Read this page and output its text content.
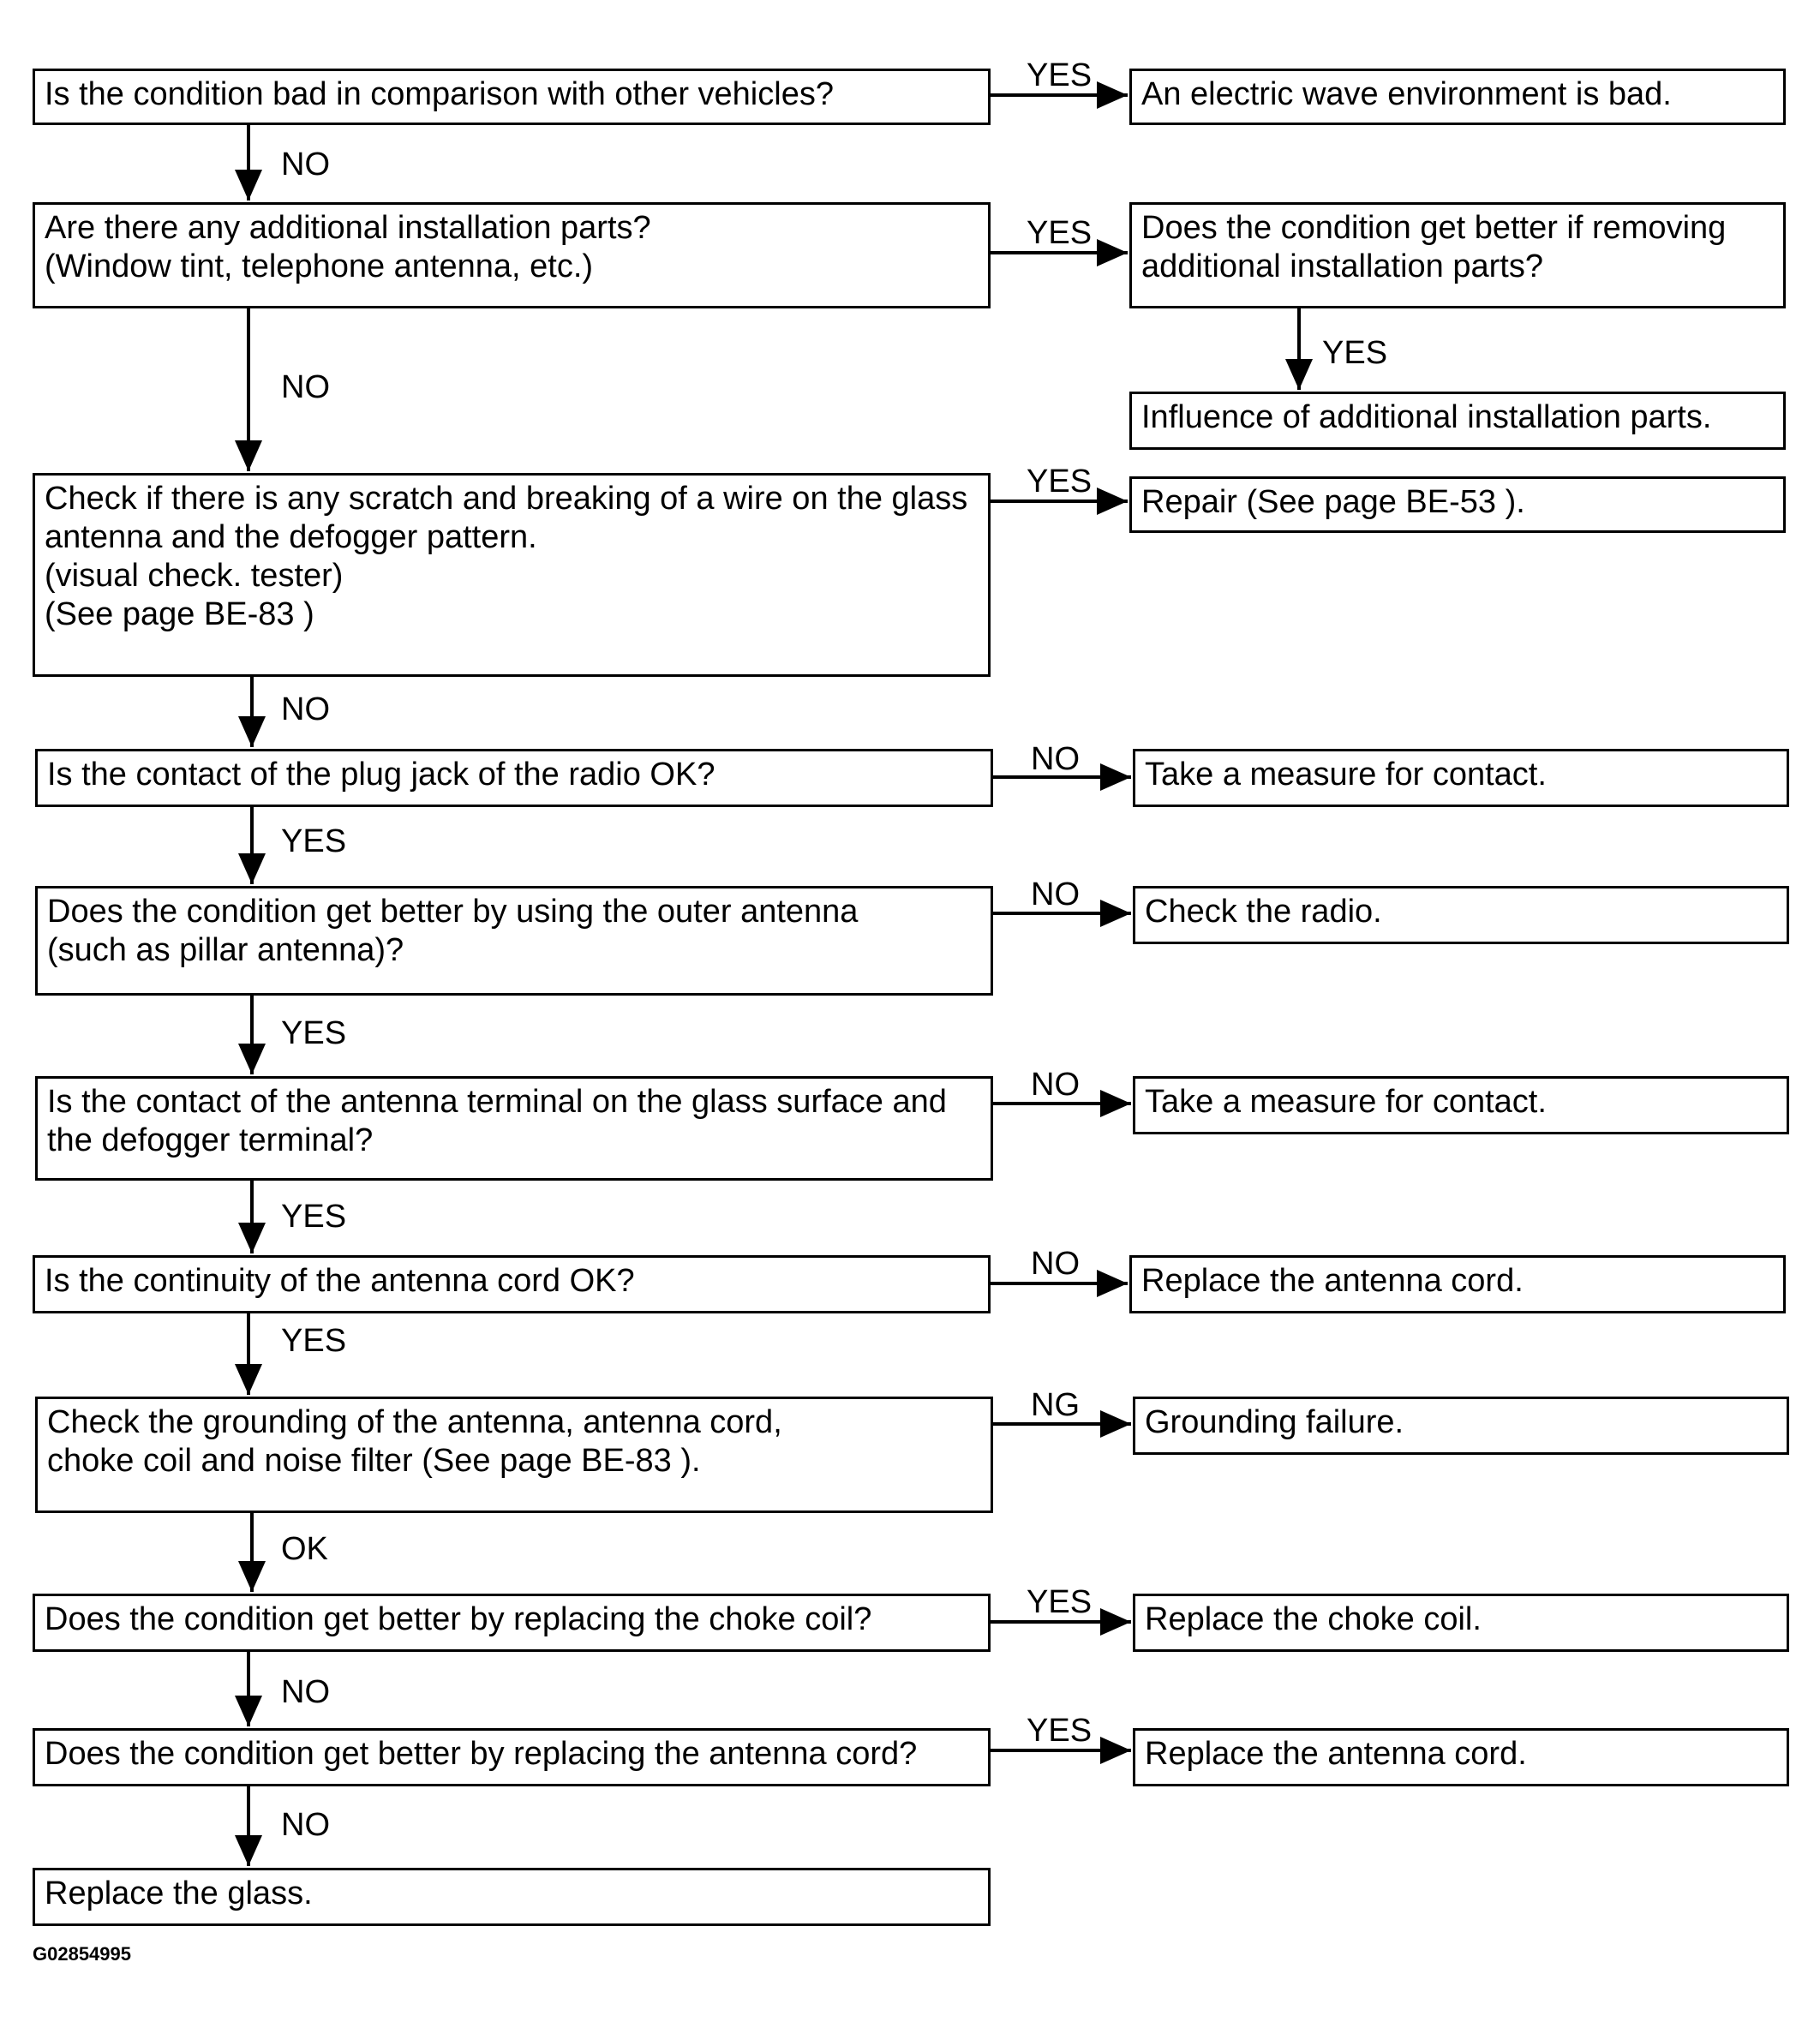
Is the condition bad in comparison with other vehicles?	An electric wave environment is bad.
Are there any additional installation parts?
(Window tint, telephone antenna, etc.)
Does the condition get better if removing
additional installation parts?
Influence of additional installation parts.
Check if there is any scratch and breaking of a wire on the glass
antenna and the defogger pattern.
(visual check. tester)
(See page BE-83 )
Repair (See page BE-53 ).
Is the contact of the plug jack of the radio OK?	Take a measure for contact.
Does the condition get better by using the outer antenna
(such as pillar antenna)?
Check the radio.
Is the contact of the antenna terminal on the glass surface and
the defogger terminal?
Take a measure for contact.
Is the continuity of the antenna cord OK?	Replace the antenna cord.
Check the grounding of the antenna, antenna cord,
choke coil and noise filter (See page BE-83 ).
Grounding failure.
Does the condition get better by replacing the choke coil?	Replace the choke coil.
Does the condition get better by replacing the antenna cord?	Replace the antenna cord.
Replace the glass.
YES
YES
YES
NO
NO
NO
NO
NG
YES
YES
NO
NO
NO
YES
YES
YES
YES
OK
NO
NO
YES
G02854995
